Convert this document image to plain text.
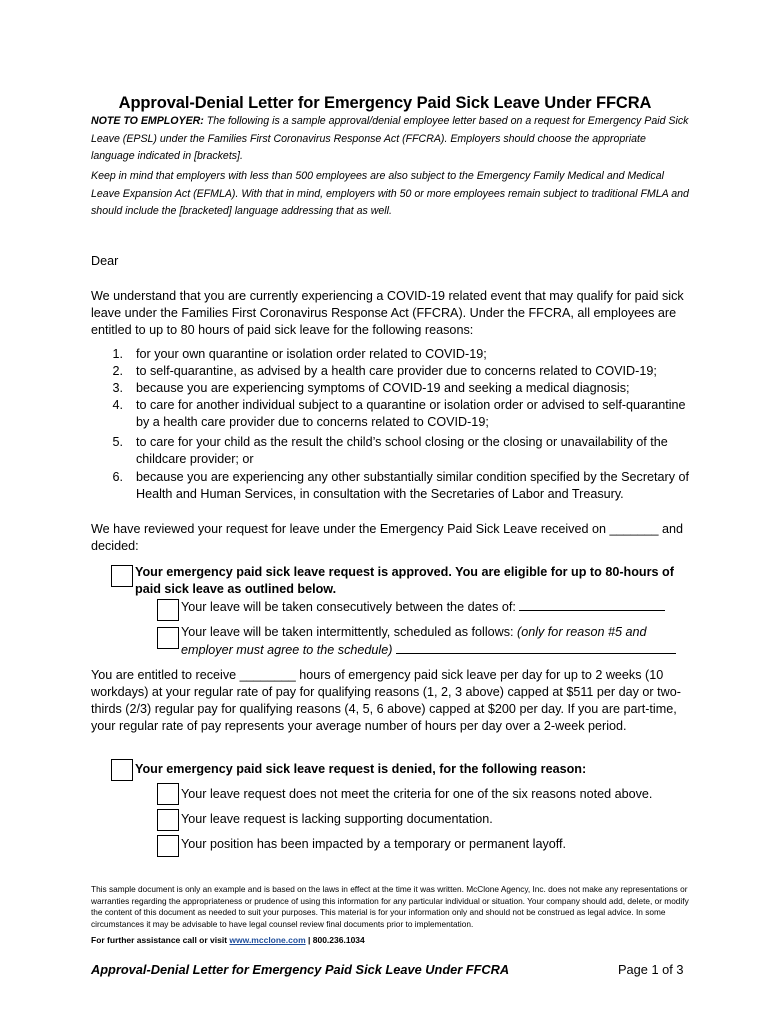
Approval-Denial Letter for Emergency Paid Sick Leave Under FFCRA
NOTE TO EMPLOYER: The following is a sample approval/denial employee letter based on a request for Emergency Paid Sick Leave (EPSL) under the Families First Coronavirus Response Act (FFCRA). Employers should choose the appropriate language indicated in [brackets].
Keep in mind that employers with less than 500 employees are also subject to the Emergency Family Medical and Medical Leave Expansion Act (EFMLA). With that in mind, employers with 50 or more employees remain subject to traditional FMLA and should include the [bracketed] language addressing that as well.
Dear
We understand that you are currently experiencing a COVID-19 related event that may qualify for paid sick leave under the Families First Coronavirus Response Act (FFCRA). Under the FFCRA, all employees are entitled to up to 80 hours of paid sick leave for the following reasons:
1. for your own quarantine or isolation order related to COVID-19;
2. to self-quarantine, as advised by a health care provider due to concerns related to COVID-19;
3. because you are experiencing symptoms of COVID-19 and seeking a medical diagnosis;
4. to care for another individual subject to a quarantine or isolation order or advised to self-quarantine by a health care provider due to concerns related to COVID-19;
5. to care for your child as the result the child’s school closing or the closing or unavailability of the childcare provider; or
6. because you are experiencing any other substantially similar condition specified by the Secretary of Health and Human Services, in consultation with the Secretaries of Labor and Treasury.
We have reviewed your request for leave under the Emergency Paid Sick Leave received on _______ and decided:
Your emergency paid sick leave request is approved. You are eligible for up to 80-hours of paid sick leave as outlined below.
Your leave will be taken consecutively between the dates of:
Your leave will be taken intermittently, scheduled as follows: (only for reason #5 and employer must agree to the schedule)
You are entitled to receive ________ hours of emergency paid sick leave per day for up to 2 weeks (10 workdays) at your regular rate of pay for qualifying reasons (1, 2, 3 above) capped at $511 per day or two-thirds (2/3) regular pay for qualifying reasons (4, 5, 6 above) capped at $200 per day. If you are part-time, your regular rate of pay represents your average number of hours per day over a 2-week period.
Your emergency paid sick leave request is denied, for the following reason:
Your leave request does not meet the criteria for one of the six reasons noted above.
Your leave request is lacking supporting documentation.
Your position has been impacted by a temporary or permanent layoff.
This sample document is only an example and is based on the laws in effect at the time it was written. McClone Agency, Inc. does not make any representations or warranties regarding the appropriateness or prudence of using this information for any particular individual or situation. Your company should add, delete, or modify the content of this document as needed to suit your purposes. This material is for your information only and should not be construed as legal advice. In some circumstances it may be advisable to have legal counsel review final documents prior to implementation.
For further assistance call or visit www.mcclone.com | 800.236.1034
Approval-Denial Letter for Emergency Paid Sick Leave Under FFCRA	Page 1 of 3
